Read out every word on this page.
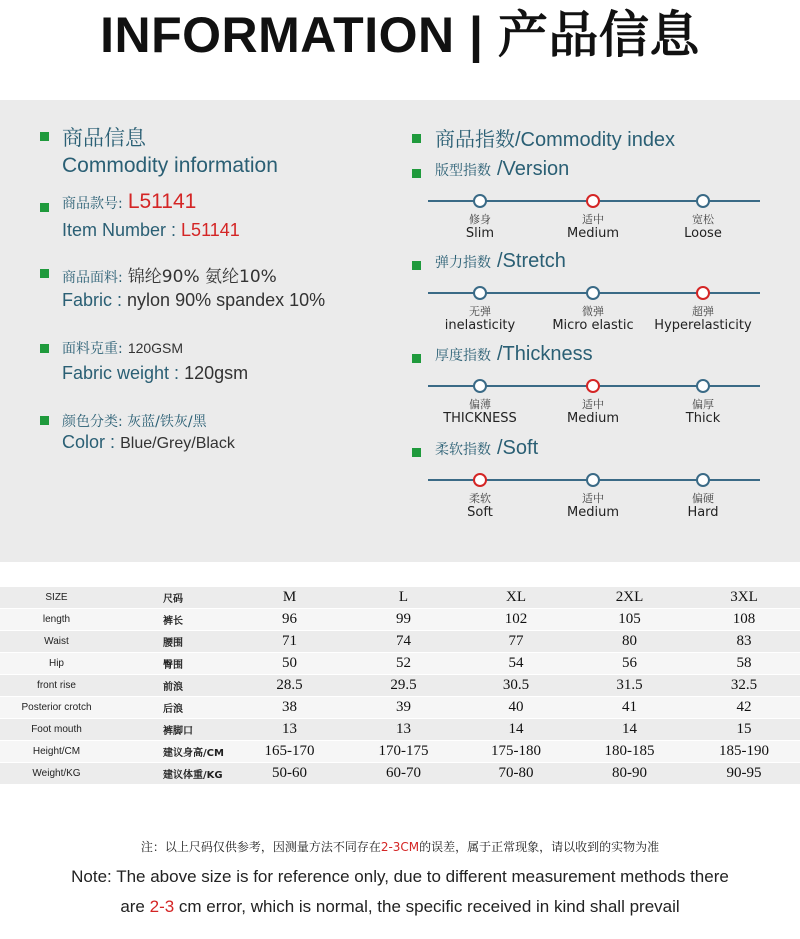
INFORMATION | 产品信息
商品信息
Commodity information
商品款号: L51141
Item Number : L51141
商品面料: 锦纶90% 氨纶10%
Fabric : nylon 90% spandex 10%
面料克重: 120GSM
Fabric weight : 120gsm
颜色分类: 灰蓝/铁灰/黑
Color : Blue/Grey/Black
商品指数/Commodity index
版型指数 /Version
修身
Slim
适中
Medium
宽松
Loose
弹力指数 /Stretch
无弹
inelasticity
微弹
Micro elastic
超弹
Hyperelasticity
厚度指数 /Thickness
偏薄
THICKNESS
适中
Medium
偏厚
Thick
柔软指数 /Soft
柔软
Soft
适中
Medium
偏硬
Hard
SIZE	尺码	M	L	XL	2XL	3XL
length	裤长	96	99	102	105	108
Waist	腰围	71	74	77	80	83
Hip	臀围	50	52	54	56	58
front rise	前浪	28.5	29.5	30.5	31.5	32.5
Posterior crotch	后浪	38	39	40	41	42
Foot mouth	裤脚口	13	13	14	14	15
Height/CM	建议身高/CM	165-170	170-175	175-180	180-185	185-190
Weight/KG	建议体重/KG	50-60	60-70	70-80	80-90	90-95
注：以上尺码仅供参考，因测量方法不同存在2-3CM的误差，属于正常现象，请以收到的实物为准
Note: The above size is for reference only, due to different measurement methods there
are 2-3 cm error, which is normal, the specific received in kind shall prevail
